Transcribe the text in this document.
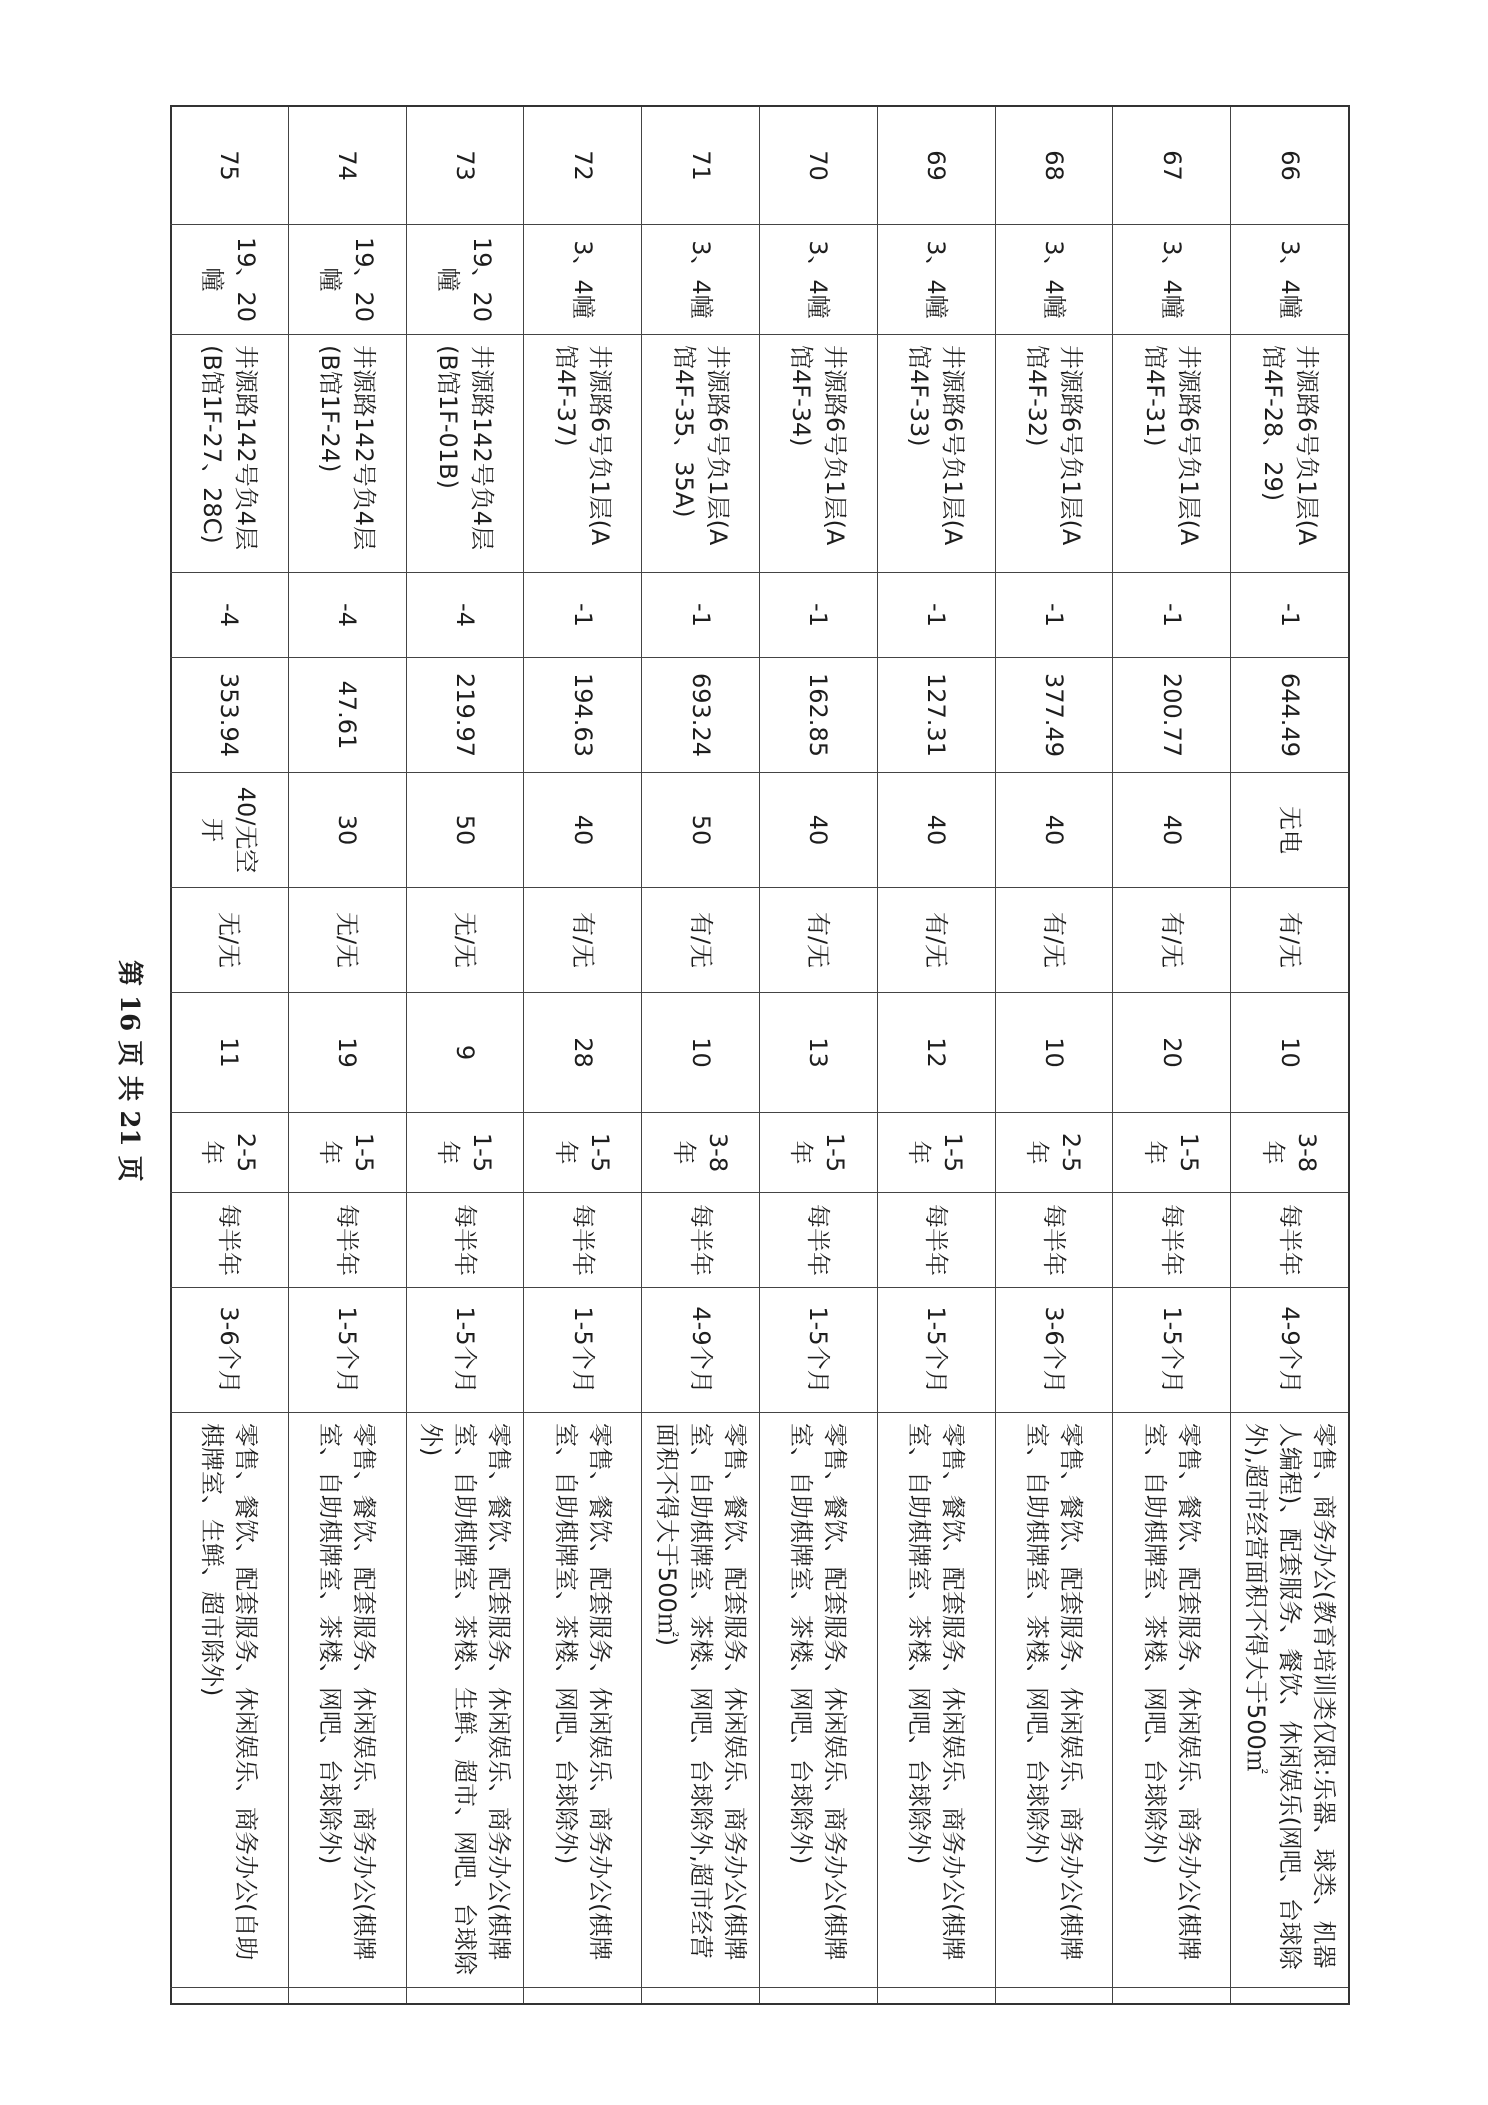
66
3、4幢
井源路6号负1层(A馆4F-28、29)
-1
644.49
无电
有/无
10
3-8年
每半年
4-9个月
零售、商务办公(教育培训类仅限:乐器、球类、机器人编程)、配套服务、餐饮、休闲娱乐(网吧、台球除外),超市经营面积不得大于500㎡
67
3、4幢
井源路6号负1层(A馆4F-31)
-1
200.77
40
有/无
20
1-5年
每半年
1-5个月
零售、餐饮、配套服务、休闲娱乐、商务办公(棋牌室、自助棋牌室、茶楼、网吧、台球除外)
68
3、4幢
井源路6号负1层(A馆4F-32)
-1
377.49
40
有/无
10
2-5年
每半年
3-6个月
零售、餐饮、配套服务、休闲娱乐、商务办公(棋牌室、自助棋牌室、茶楼、网吧、台球除外)
69
3、4幢
井源路6号负1层(A馆4F-33)
-1
127.31
40
有/无
12
1-5年
每半年
1-5个月
零售、餐饮、配套服务、休闲娱乐、商务办公(棋牌室、自助棋牌室、茶楼、网吧、台球除外)
70
3、4幢
井源路6号负1层(A馆4F-34)
-1
162.85
40
有/无
13
1-5年
每半年
1-5个月
零售、餐饮、配套服务、休闲娱乐、商务办公(棋牌室、自助棋牌室、茶楼、网吧、台球除外)
71
3、4幢
井源路6号负1层(A馆4F-35、35A)
-1
693.24
50
有/无
10
3-8年
每半年
4-9个月
零售、餐饮、配套服务、休闲娱乐、商务办公(棋牌室、自助棋牌室、茶楼、网吧、台球除外,超市经营面积不得大于500㎡)
72
3、4幢
井源路6号负1层(A馆4F-37)
-1
194.63
40
有/无
28
1-5年
每半年
1-5个月
零售、餐饮、配套服务、休闲娱乐、商务办公(棋牌室、自助棋牌室、茶楼、网吧、台球除外)
73
19、20幢
井源路142号负4层(B馆1F-01B)
-4
219.97
50
无/无
9
1-5年
每半年
1-5个月
零售、餐饮、配套服务、休闲娱乐、商务办公(棋牌室、自助棋牌室、茶楼、生鲜、超市、网吧、台球除外)
74
19、20幢
井源路142号负4层(B馆1F-24)
-4
47.61
30
无/无
19
1-5年
每半年
1-5个月
零售、餐饮、配套服务、休闲娱乐、商务办公(棋牌室、自助棋牌室、茶楼、网吧、台球除外)
75
19、20幢
井源路142号负4层(B馆1F-27、28C)
-4
353.94
40/无空开
无/无
11
2-5年
每半年
3-6个月
零售、餐饮、配套服务、休闲娱乐、商务办公(自助棋牌室、生鲜、超市除外)
第 16 页 共 21 页
